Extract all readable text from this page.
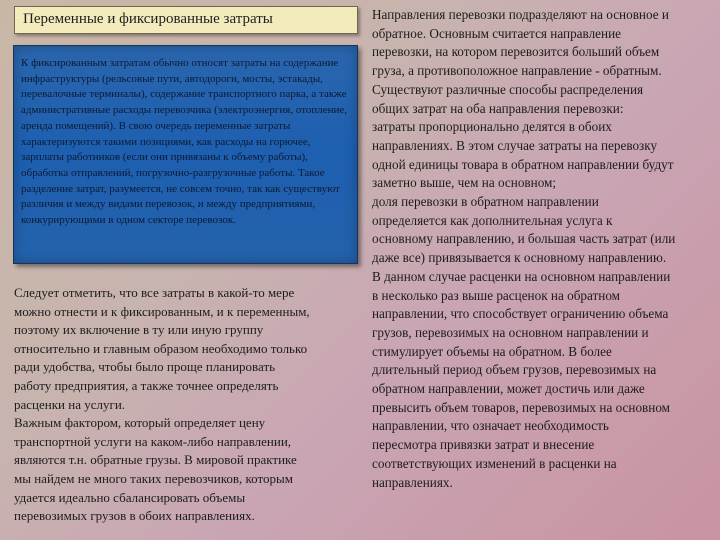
Переменные и фиксированные затраты

К фиксированным затратам обычно относят затраты на содержание инфраструктуры (рельсовые пути, автодороги, мосты, эстакады, перевалочные терминалы), содержание транспортного парка, а также административные расходы перевозчика (электроэнергия, отопление, аренда помещений). В свою очередь переменные затраты характеризуются такими позициями, как расходы на горючее, зарплаты работников (если они привязаны к объему работы), обработка отправлений, погрузочно-разгрузочные работы. Такое разделение затрат, разумеется, не совсем точно, так как существуют различия и между видами перевозок, и между предприятиями, конкурирующими в одном секторе перевозок.

Следует отметить, что все затраты в какой-то мере
можно отнести и к фиксированным, и к переменным,
поэтому их включение в ту или иную группу
относительно и главным образом необходимо только
ради удобства, чтобы было проще планировать
работу предприятия, а также точнее определять
расценки на услуги.
Важным фактором, который определяет цену
транспортной услуги на каком-либо направлении,
являются т.н. обратные грузы. В мировой практике
мы найдем не много таких перевозчиков, которым
удается идеально сбалансировать объемы
перевозимых грузов в обоих направлениях.
Направления перевозки подразделяют на основное и
обратное. Основным считается направление
перевозки, на котором перевозится больший объем
груза, а противоположное направление - обратным.
Существуют различные способы распределения
общих затрат на оба направления перевозки:
затраты пропорционально делятся в обоих
направлениях. В этом случае затраты на перевозку
одной единицы товара в обратном направлении будут
заметно выше, чем на основном;
доля перевозки в обратном направлении
определяется как дополнительная услуга к
основному направлению, и большая часть затрат (или
даже все) привязывается к основному направлению.
В данном случае расценки на основном направлении
в несколько раз выше расценок на обратном
направлении, что способствует ограничению объема
грузов, перевозимых на основном направлении и
стимулирует объемы на обратном. В более
длительный период объем грузов, перевозимых на
обратном направлении, может достичь или даже
превысить объем товаров, перевозимых на основном
направлении, что означает необходимость
пересмотра привязки затрат и внесение
соответствующих изменений в расценки на
направлениях.
